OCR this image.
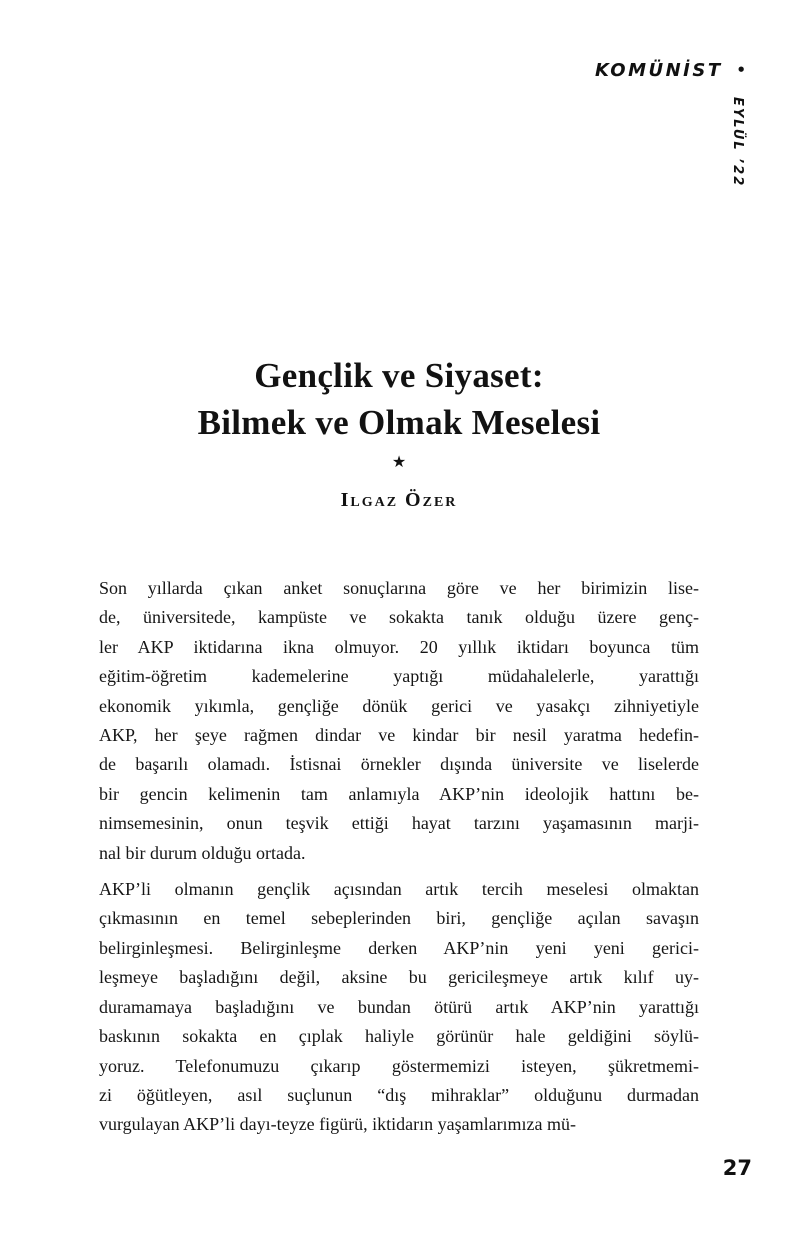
KOMÜNİST •
EYLÜL ’22
Gençlik ve Siyaset:
Bilmek ve Olmak Meselesi
★
Ilgaz Özer
Son yıllarda çıkan anket sonuçlarına göre ve her birimizin lise-
de, üniversitede, kampüste ve sokakta tanık olduğu üzere genç-
ler AKP iktidarına ikna olmuyor. 20 yıllık iktidarı boyunca tüm
eğitim-öğretim kademelerine yaptığı müdahalelerle, yarattığı
ekonomik yıkımla, gençliğe dönük gerici ve yasakçı zihniyetiyle
AKP, her şeye rağmen dindar ve kindar bir nesil yaratma hedefin-
de başarılı olamadı. İstisnai örnekler dışında üniversite ve liselerde
bir gencin kelimenin tam anlamıyla AKP’nin ideolojik hattını be-
nimsemesinin, onun teşvik ettiği hayat tarzını yaşamasının marji-
nal bir durum olduğu ortada.
AKP’li olmanın gençlik açısından artık tercih meselesi olmaktan
çıkmasının en temel sebeplerinden biri, gençliğe açılan savaşın
belirginleşmesi. Belirginleşme derken AKP’nin yeni yeni gerici-
leşmeye başladığını değil, aksine bu gericileşmeye artık kılıf uy-
duramamaya başladığını ve bundan ötürü artık AKP’nin yarattığı
baskının sokakta en çıplak haliyle görünür hale geldiğini söylü-
yoruz. Telefonumuzu çıkarıp göstermemizi isteyen, şükretmemi-
zi öğütleyen, asıl suçlunun “dış mihraklar” olduğunu durmadan
vurgulayan AKP’li dayı-teyze figürü, iktidarın yaşamlarımıza mü-
27
